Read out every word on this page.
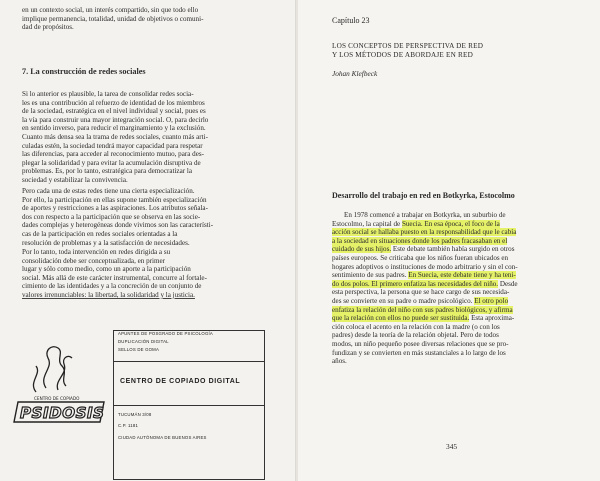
en un contexto social, un interés compartido, sin que todo ello
implique permanencia, totalidad, unidad de objetivos o comuni-
dad de propósitos.
7. La construcción de redes sociales
Si lo anterior es plausible, la tarea de consolidar redes socia-
les es una contribución al refuerzo de identidad de los miembros
de la sociedad, estratégica en el nivel individual y social, pues es
la vía para construir una mayor integración social. O, para decirlo
en sentido inverso, para reducir el marginamiento y la exclusión.
Cuanto más densa sea la trama de redes sociales, cuanto más arti-
culadas estén, la sociedad tendrá mayor capacidad para respetar
las diferencias, para acceder al reconocimiento mutuo, para des-
plegar la solidaridad y para evitar la acumulación disruptiva de
problemas. Es, por lo tanto, estratégica para democratizar la
sociedad y estabilizar la convivencia.
Pero cada una de estas redes tiene una cierta especialización.
Por ello, la participación en ellas supone también especialización
de aportes y restricciones a las aspiraciones. Los atributos señala-
dos con respecto a la participación que se observa en las socie-
dades complejas y heterogéneas donde vivimos son las característi-
cas de la participación en redes sociales orientadas a la
resolución de problemas y a la satisfacción de necesidades.
Por lo tanto, toda intervención en redes dirigida a su
consolidación debe ser conceptualizada, en primer
lugar y sólo como medio, como un aporte a la participación
social. Más allá de este carácter instrumental, concurre al fortale-
cimiento de las identidades y a la concreción de un conjunto de
valores irrenunciables: la libertad, la solidaridad y la justicia.
Capítulo 23
LOS CONCEPTOS DE PERSPECTIVA DE RED
Y LOS MÉTODOS DE ABORDAJE EN RED
Johan Klefbeck
Desarrollo del trabajo en red en Botkyrka, Estocolmo
En 1978 comencé a trabajar en Botkyrka, un suburbio de
Estocolmo, la capital de Suecia. En esa época, el foco de la
acción social se hallaba puesto en la responsabilidad que le cabía
a la sociedad en situaciones donde los padres fracasaban en el
cuidado de sus hijos. Este debate también había surgido en otros
países europeos. Se criticaba que los niños fueran ubicados en
hogares adoptivos o instituciones de modo arbitrario y sin el con-
sentimiento de sus padres. En Suecia, este debate tiene y ha teni-
do dos polos. El primero enfatiza las necesidades del niño. Desde
esta perspectiva, la persona que se hace cargo de sus necesida-
des se convierte en su padre o madre psicológico. El otro polo
enfatiza la relación del niño con sus padres biológicos, y afirma
que la relación con ellos no puede ser sustituida. Esta aproxima-
ción coloca el acento en la relación con la madre (o con los
padres) desde la teoría de la relación objetal. Pero de todos
modos, un niño pequeño posee diversas relaciones que se pro-
fundizan y se convierten en más sustanciales a lo largo de los
años.
345
CENTRO DE COPIADO
PSIDOSIS
APUNTES DE POSGRADO DE PSICOLOGÍA
DUPLICACIÓN DIGITAL
SELLOS DE GOMA
CENTRO DE COPIADO DIGITAL
TUCUMÁN 3/08
C.P. 1181
CIUDAD AUTÓNOMA DE BUENOS AIRES
